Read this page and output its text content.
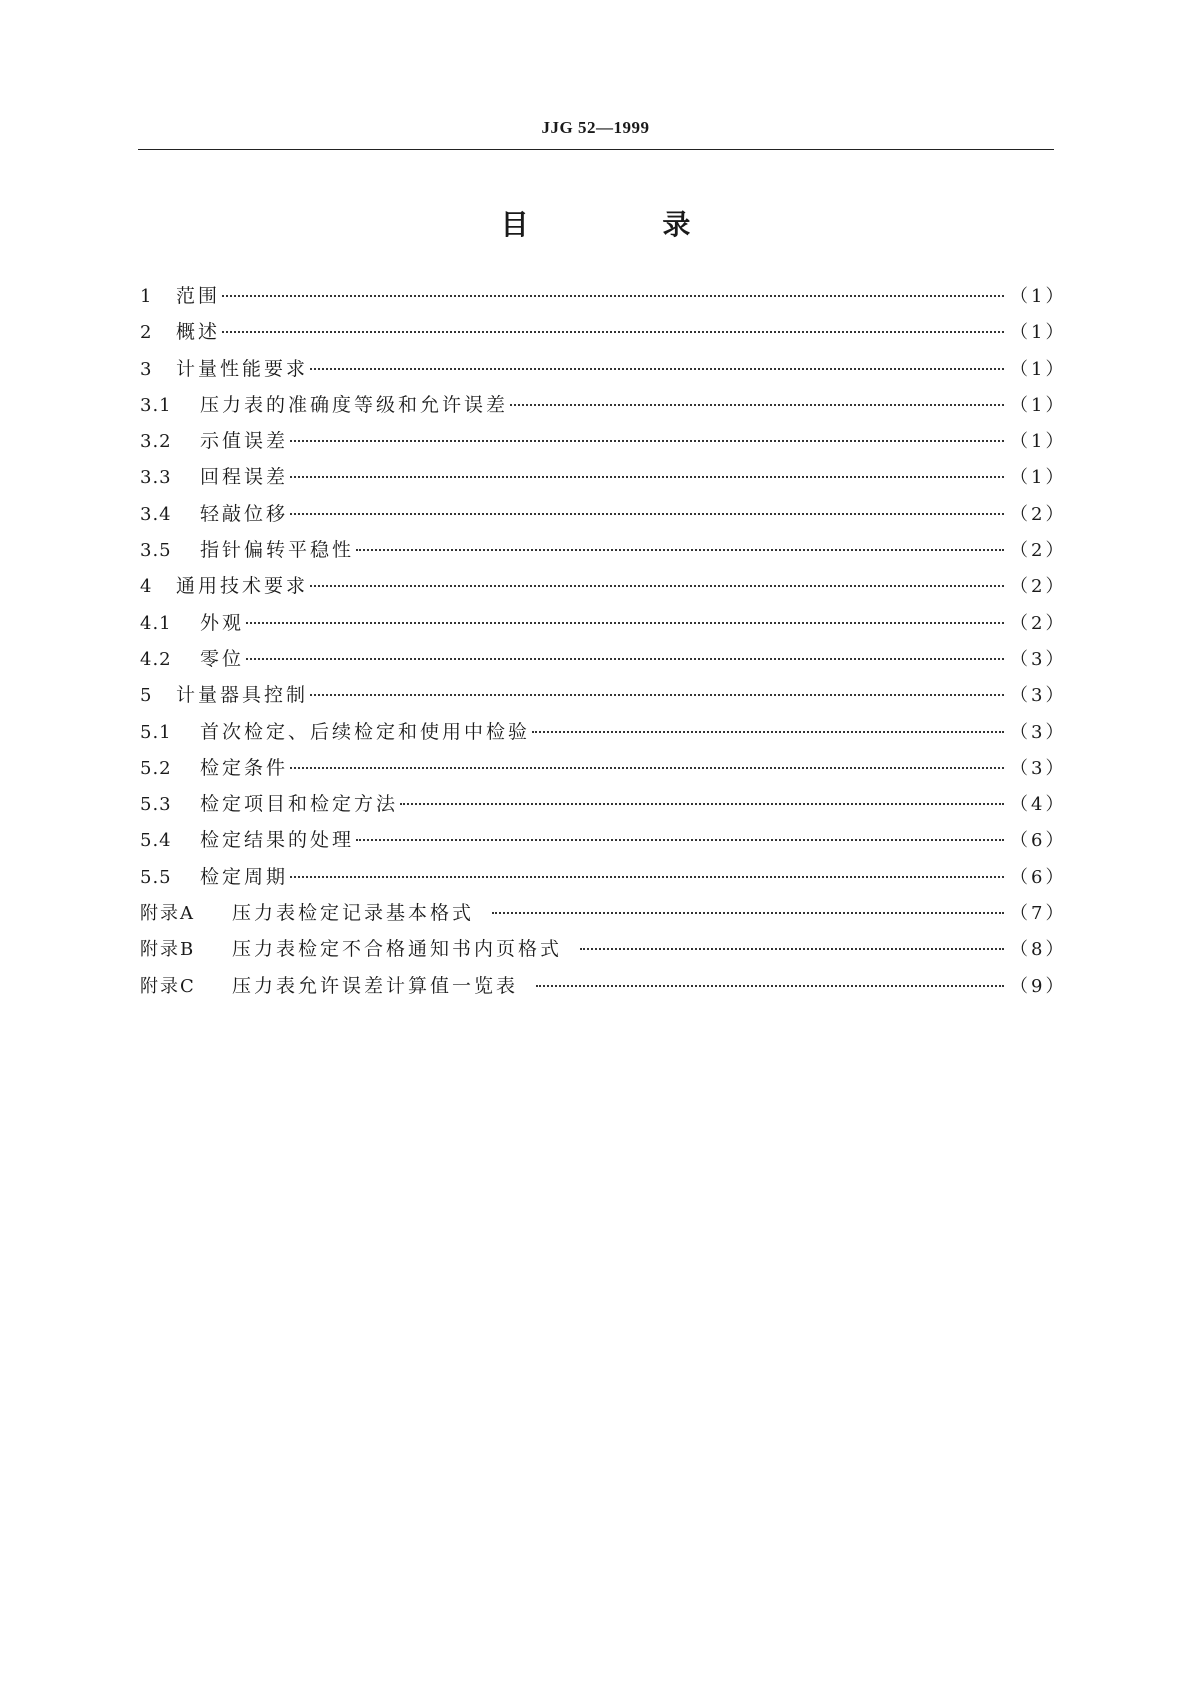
JJG 52—1999
目 录
1	范围	（1）
2	概述	（1）
3	计量性能要求	（1）
3.1	压力表的准确度等级和允许误差	（1）
3.2	示值误差	（1）
3.3	回程误差	（1）
3.4	轻敲位移	（2）
3.5	指针偏转平稳性	（2）
4	通用技术要求	（2）
4.1	外观	（2）
4.2	零位	（3）
5	计量器具控制	（3）
5.1	首次检定、后续检定和使用中检验	（3）
5.2	检定条件	（3）
5.3	检定项目和检定方法	（4）
5.4	检定结果的处理	（6）
5.5	检定周期	（6）
附录A	压力表检定记录基本格式	（7）
附录B	压力表检定不合格通知书内页格式	（8）
附录C	压力表允许误差计算值一览表	（9）
